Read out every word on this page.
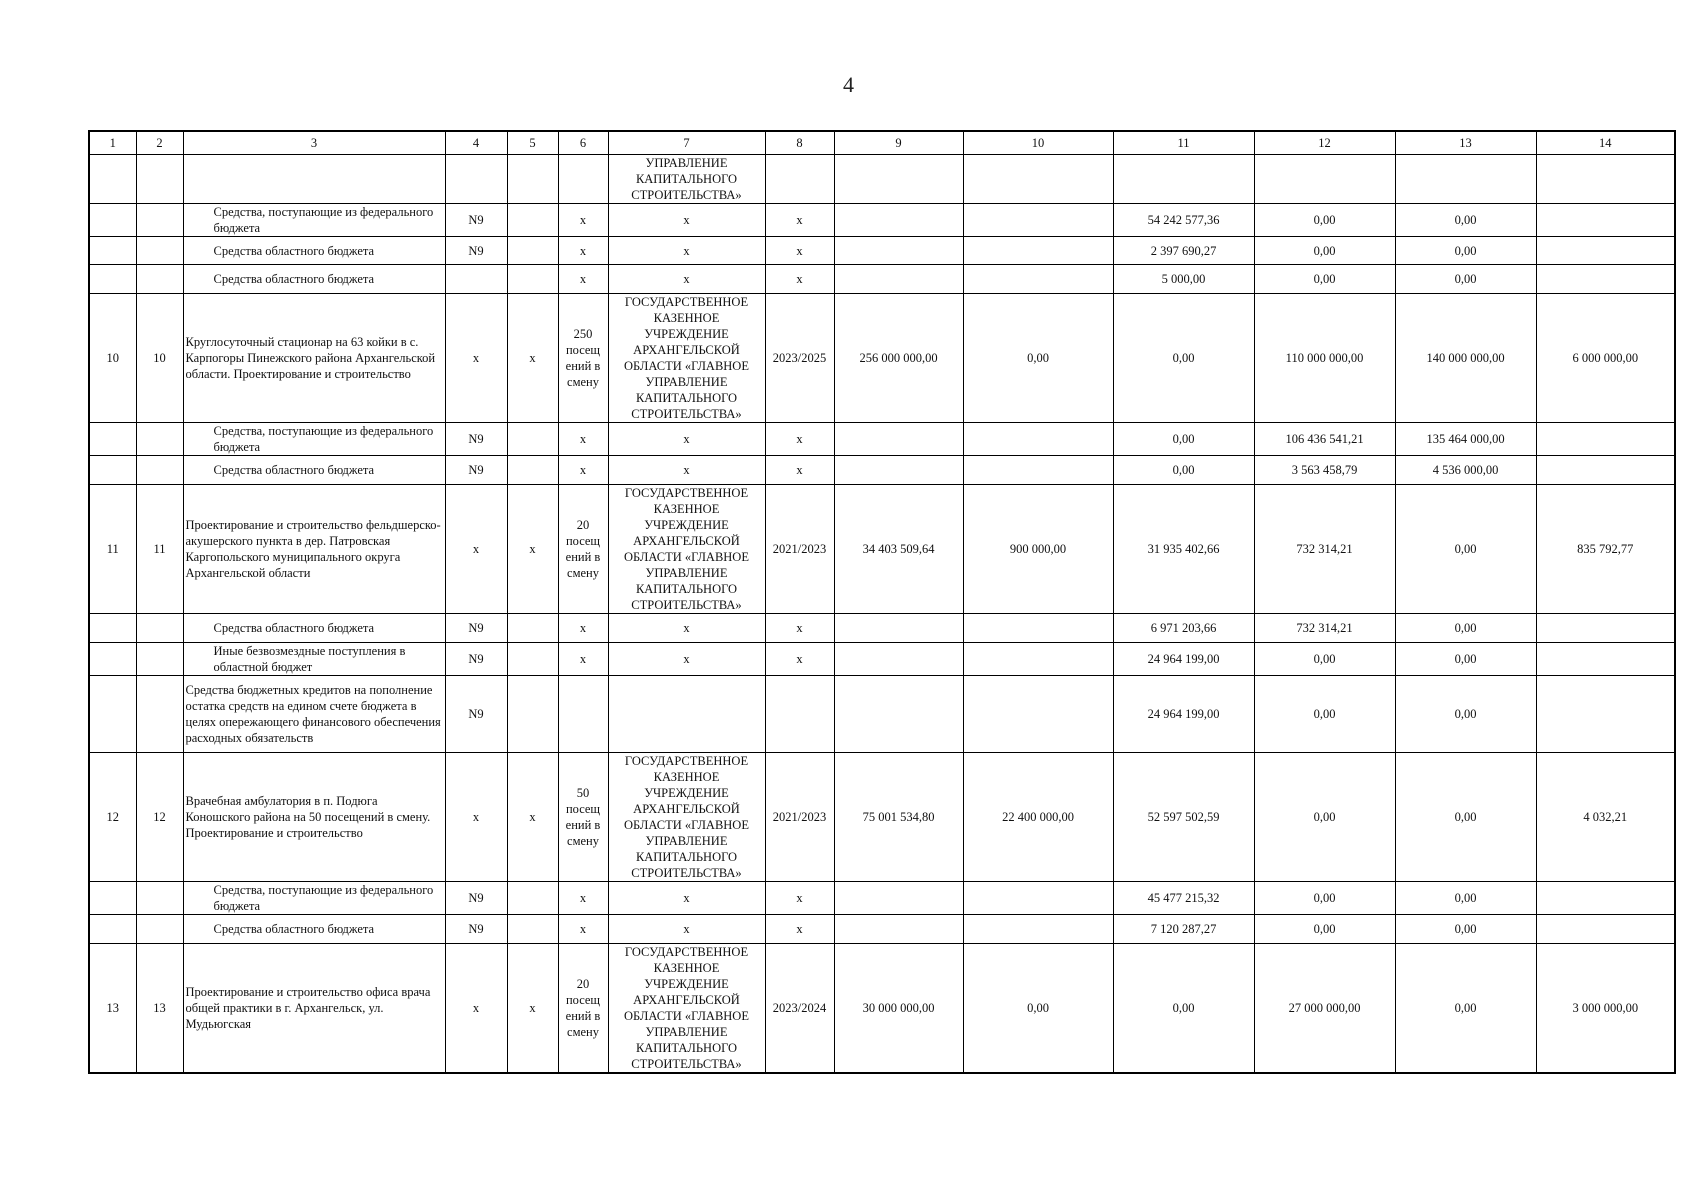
4
1	2	3	4	5	6	7	8	9	10	11	12	13	14
						УПРАВЛЕНИЕ КАПИТАЛЬНОГО СТРОИТЕЛЬСТВА»							
		Средства, поступающие из федерального бюджета	N9		х	х	х			54 242 577,36	0,00	0,00	
		Средства областного бюджета	N9		х	х	х			2 397 690,27	0,00	0,00	
		Средства областного бюджета			х	х	х			5 000,00	0,00	0,00	
10	10	Круглосуточный стационар на 63 койки в с. Карпогоры Пинежского района Архангельской области. Проектирование и строительство	х	х	250 посещ ений в смену	ГОСУДАРСТВЕННОЕ КАЗЕННОЕ УЧРЕЖДЕНИЕ АРХАНГЕЛЬСКОЙ ОБЛАСТИ «ГЛАВНОЕ УПРАВЛЕНИЕ КАПИТАЛЬНОГО СТРОИТЕЛЬСТВА»	2023/2025	256 000 000,00	0,00	0,00	110 000 000,00	140 000 000,00	6 000 000,00
		Средства, поступающие из федерального бюджета	N9		х	х	х			0,00	106 436 541,21	135 464 000,00	
		Средства областного бюджета	N9		х	х	х			0,00	3 563 458,79	4 536 000,00	
11	11	Проектирование и строительство фельдшерско-акушерского пункта в дер. Патровская Каргопольского муниципального округа Архангельской области	х	х	20 посещ ений в смену	ГОСУДАРСТВЕННОЕ КАЗЕННОЕ УЧРЕЖДЕНИЕ АРХАНГЕЛЬСКОЙ ОБЛАСТИ «ГЛАВНОЕ УПРАВЛЕНИЕ КАПИТАЛЬНОГО СТРОИТЕЛЬСТВА»	2021/2023	34 403 509,64	900 000,00	31 935 402,66	732 314,21	0,00	835 792,77
		Средства областного бюджета	N9		х	х	х			6 971 203,66	732 314,21	0,00	
		Иные безвозмездные поступления в областной бюджет	N9		х	х	х			24 964 199,00	0,00	0,00	
		Средства бюджетных кредитов на пополнение остатка средств на едином счете бюджета в целях опережающего финансового обеспечения расходных обязательств	N9							24 964 199,00	0,00	0,00	
12	12	Врачебная амбулатория в п. Подюга Коношского района на 50 посещений в смену. Проектирование и строительство	х	х	50 посещ ений в смену	ГОСУДАРСТВЕННОЕ КАЗЕННОЕ УЧРЕЖДЕНИЕ АРХАНГЕЛЬСКОЙ ОБЛАСТИ «ГЛАВНОЕ УПРАВЛЕНИЕ КАПИТАЛЬНОГО СТРОИТЕЛЬСТВА»	2021/2023	75 001 534,80	22 400 000,00	52 597 502,59	0,00	0,00	4 032,21
		Средства, поступающие из федерального бюджета	N9		х	х	х			45 477 215,32	0,00	0,00	
		Средства областного бюджета	N9		х	х	х			7 120 287,27	0,00	0,00	
13	13	Проектирование и строительство офиса врача общей практики в г. Архангельск, ул. Мудьюгская	х	х	20 посещ ений в смену	ГОСУДАРСТВЕННОЕ КАЗЕННОЕ УЧРЕЖДЕНИЕ АРХАНГЕЛЬСКОЙ ОБЛАСТИ «ГЛАВНОЕ УПРАВЛЕНИЕ КАПИТАЛЬНОГО СТРОИТЕЛЬСТВА»	2023/2024	30 000 000,00	0,00	0,00	27 000 000,00	0,00	3 000 000,00
